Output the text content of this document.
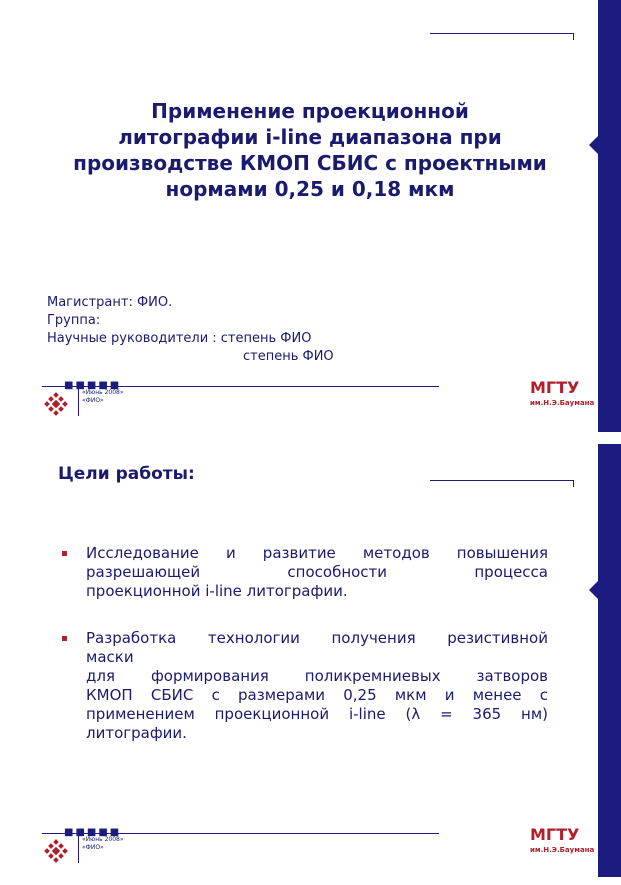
Применение проекционной
литографии i-line диапазона при
производстве КМОП СБИС с проектными
нормами 0,25 и 0,18 мкм
Магистрант: ФИО.
Группа:
Научные руководители : степень ФИО
степень ФИО
■■■■■
«Июнь 2008»
«ФИО»
МГТУ
им.Н.Э.Баумана
Цели работы:
Исследование и развитие методов повышения
разрешающей способности процесса
проекционной i-line литографии.
Разработка технологии получения резистивной
маски
для формирования поликремниевых затворов
КМОП СБИС с размерами 0,25 мкм и менее с
применением проекционной i-line (λ = 365 нм)
литографии.
■■■■■
«Июнь 2008»
«ФИО»
МГТУ
им.Н.Э.Баумана
